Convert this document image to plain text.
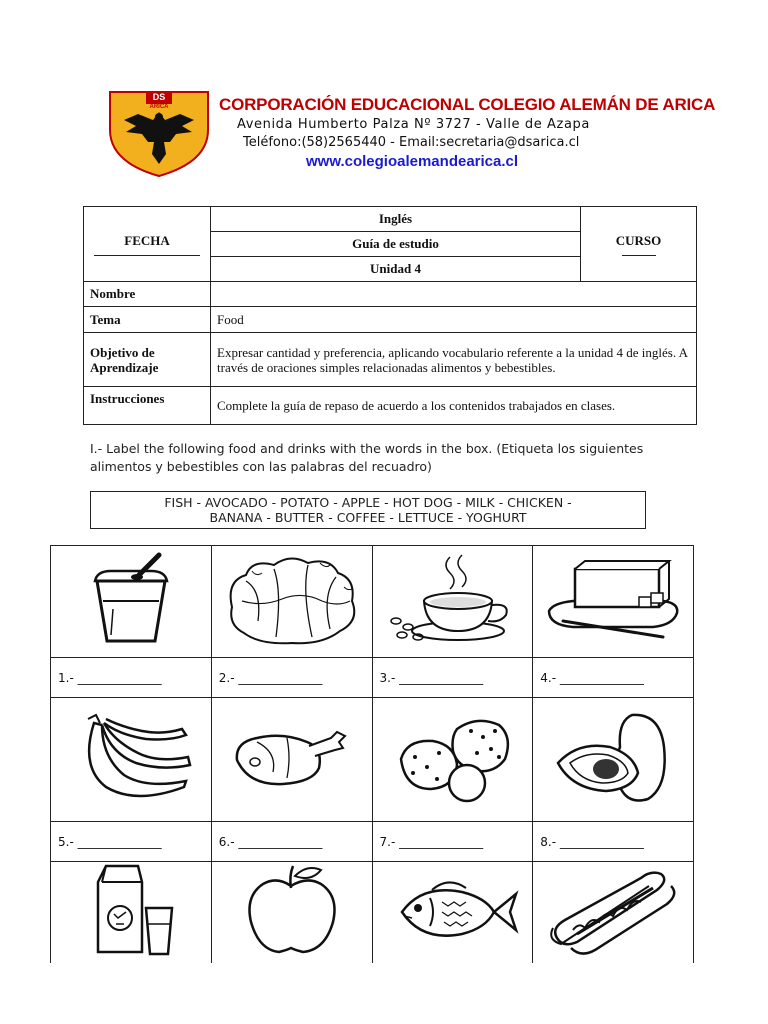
DS
ARICA	CORPORACIÓN EDUCACIONAL COLEGIO ALEMÁN DE ARICA
Avenida Humberto Palza Nº 3727 - Valle de Azapa
Teléfono:(58)2565440 - Email:secretaria@dsarica.cl
www.colegioalemandearica.cl
FECHA	Inglés	CURSO

	Guía de estudio	
	Unidad 4	
Nombre		
Tema	Food	
Objetivo de Aprendizaje	Expresar cantidad y preferencia, aplicando vocabulario referente a la unidad 4 de inglés. A través de oraciones simples relacionadas alimentos y bebestibles.	
Instrucciones	Complete la guía de repaso de acuerdo a los contenidos trabajados en clases.	
I.- Label the following food and drinks with the words in the box. (Etiqueta los siguientes alimentos y bebestibles con las palabras del recuadro)
FISH - AVOCADO - POTATO - APPLE - HOT DOG - MILK - CHICKEN -
BANANA - BUTTER - COFFEE - LETTUCE - YOGHURT

1.- ______________	2.- ______________	3.- ______________	4.- ______________

5.- ______________	6.- ______________	7.- ______________	8.- ______________
